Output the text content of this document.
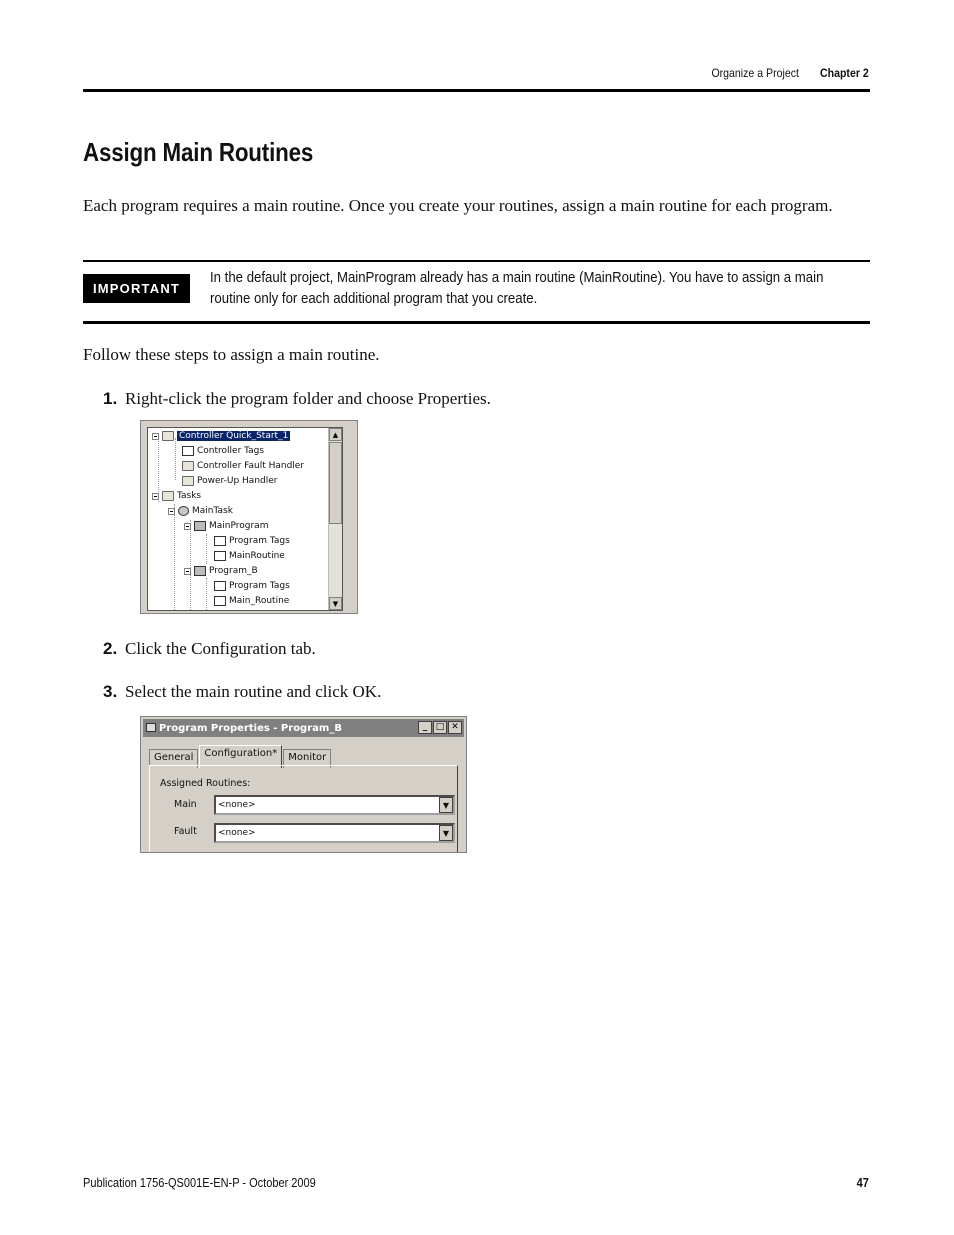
Organize a Project Chapter 2
Assign Main Routines
Each program requires a main routine. Once you create your routines, assign a main routine for each program.
IMPORTANT
In the default project, MainProgram already has a main routine (MainRoutine). You have to assign a main routine only for each additional program that you create.
Follow these steps to assign a main routine.
1. Right-click the program folder and choose Properties.
Controller Quick_Start_1
Controller Tags
Controller Fault Handler
Power-Up Handler
Tasks
MainTask
MainProgram
Program Tags
MainRoutine
Program_B
Program Tags
Main_Routine
▲
▼
2. Click the Configuration tab.
3. Select the main routine and click OK.
Program Properties - Program_B	_ □ ✕
General	Configuration*	Monitor
Assigned Routines:
Main <none>	▼
Fault <none>	▼
Publication 1756-QS001E-EN-P - October 2009	47
